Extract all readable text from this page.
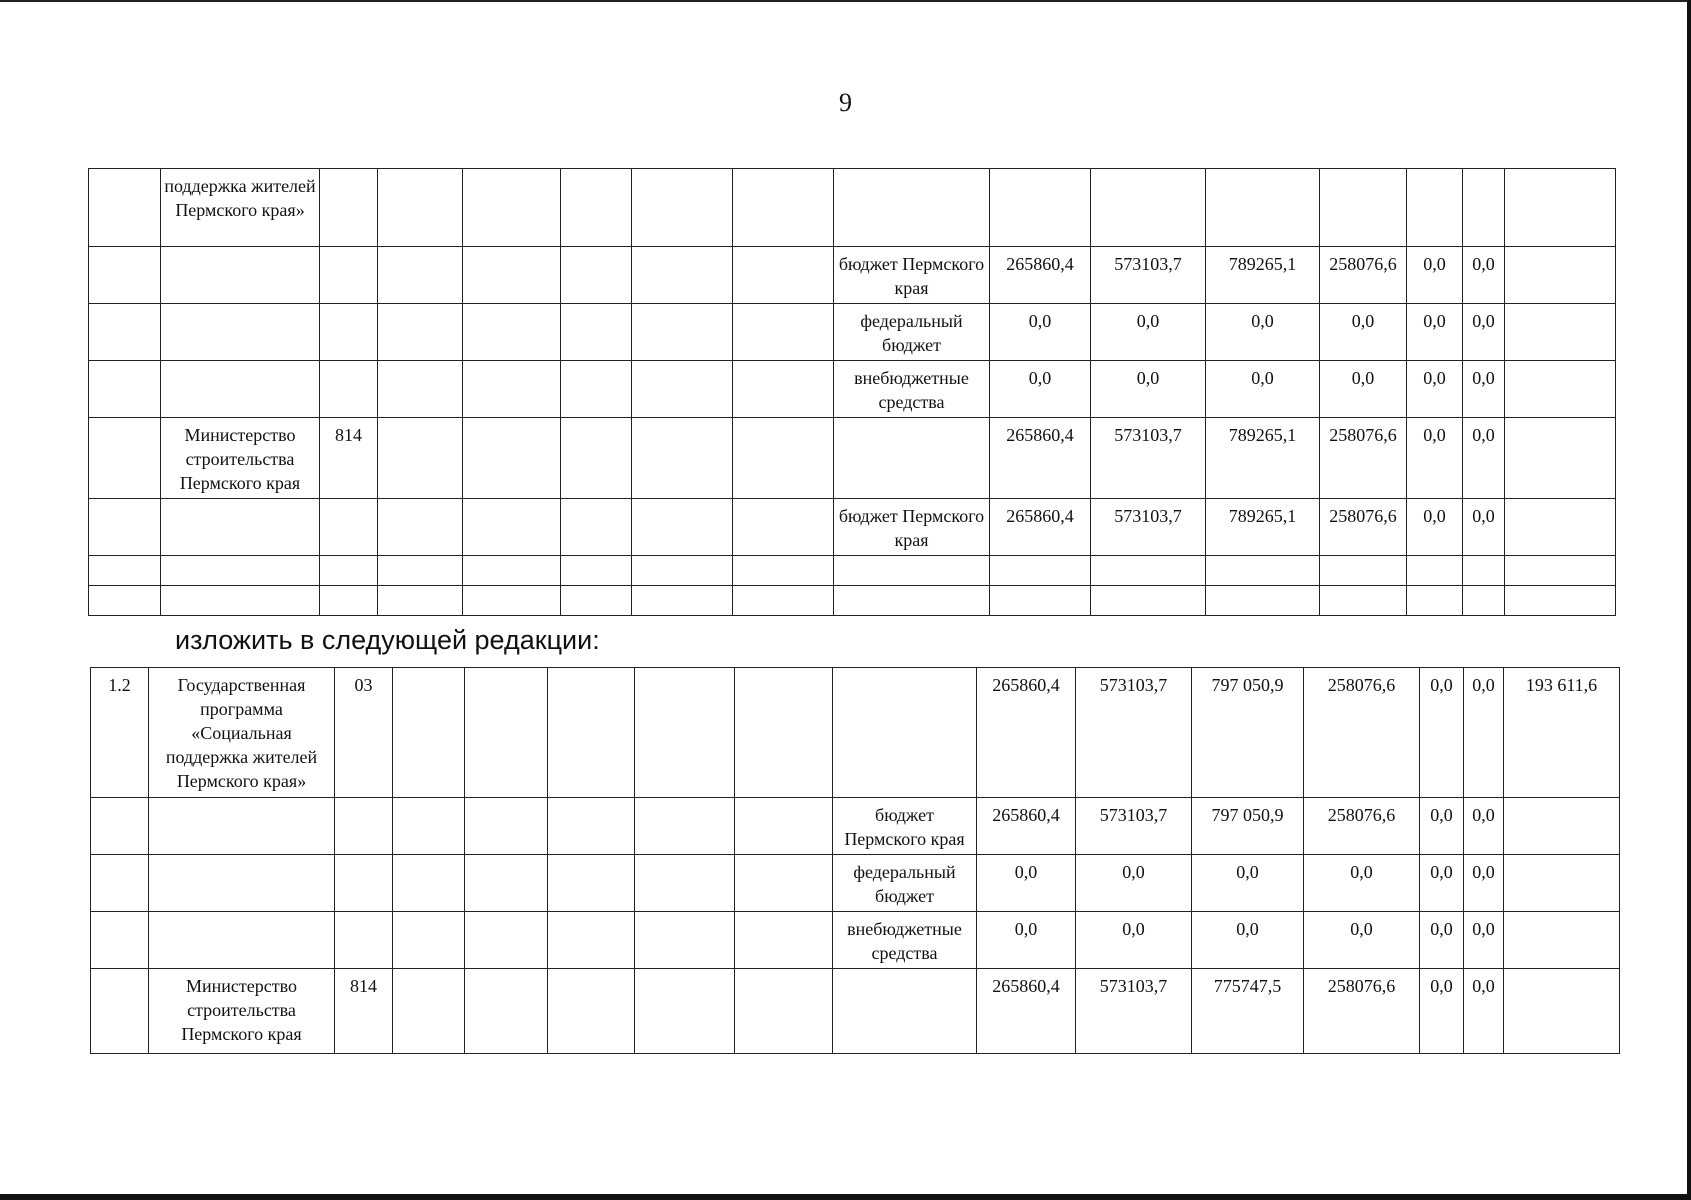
9
	поддержка жителей Пермского края»														
								бюджет Пермского края	265860,4	573103,7	789265,1	258076,6	0,0	0,0	
								федеральный бюджет	0,0	0,0	0,0	0,0	0,0	0,0	
								внебюджетные средства	0,0	0,0	0,0	0,0	0,0	0,0	
	Министерство строительства Пермского края	814							265860,4	573103,7	789265,1	258076,6	0,0	0,0	
								бюджет Пермского края	265860,4	573103,7	789265,1	258076,6	0,0	0,0	

изложить в следующей редакции:
1.2	Государственная программа «Социальная поддержка жителей Пермского края»	03							265860,4	573103,7	797 050,9	258076,6	0,0	0,0	193 611,6
								бюджет Пермского края	265860,4	573103,7	797 050,9	258076,6	0,0	0,0	
								федеральный бюджет	0,0	0,0	0,0	0,0	0,0	0,0	
								внебюджетные средства	0,0	0,0	0,0	0,0	0,0	0,0	
	Министерство строительства Пермского края	814							265860,4	573103,7	775747,5	258076,6	0,0	0,0	
